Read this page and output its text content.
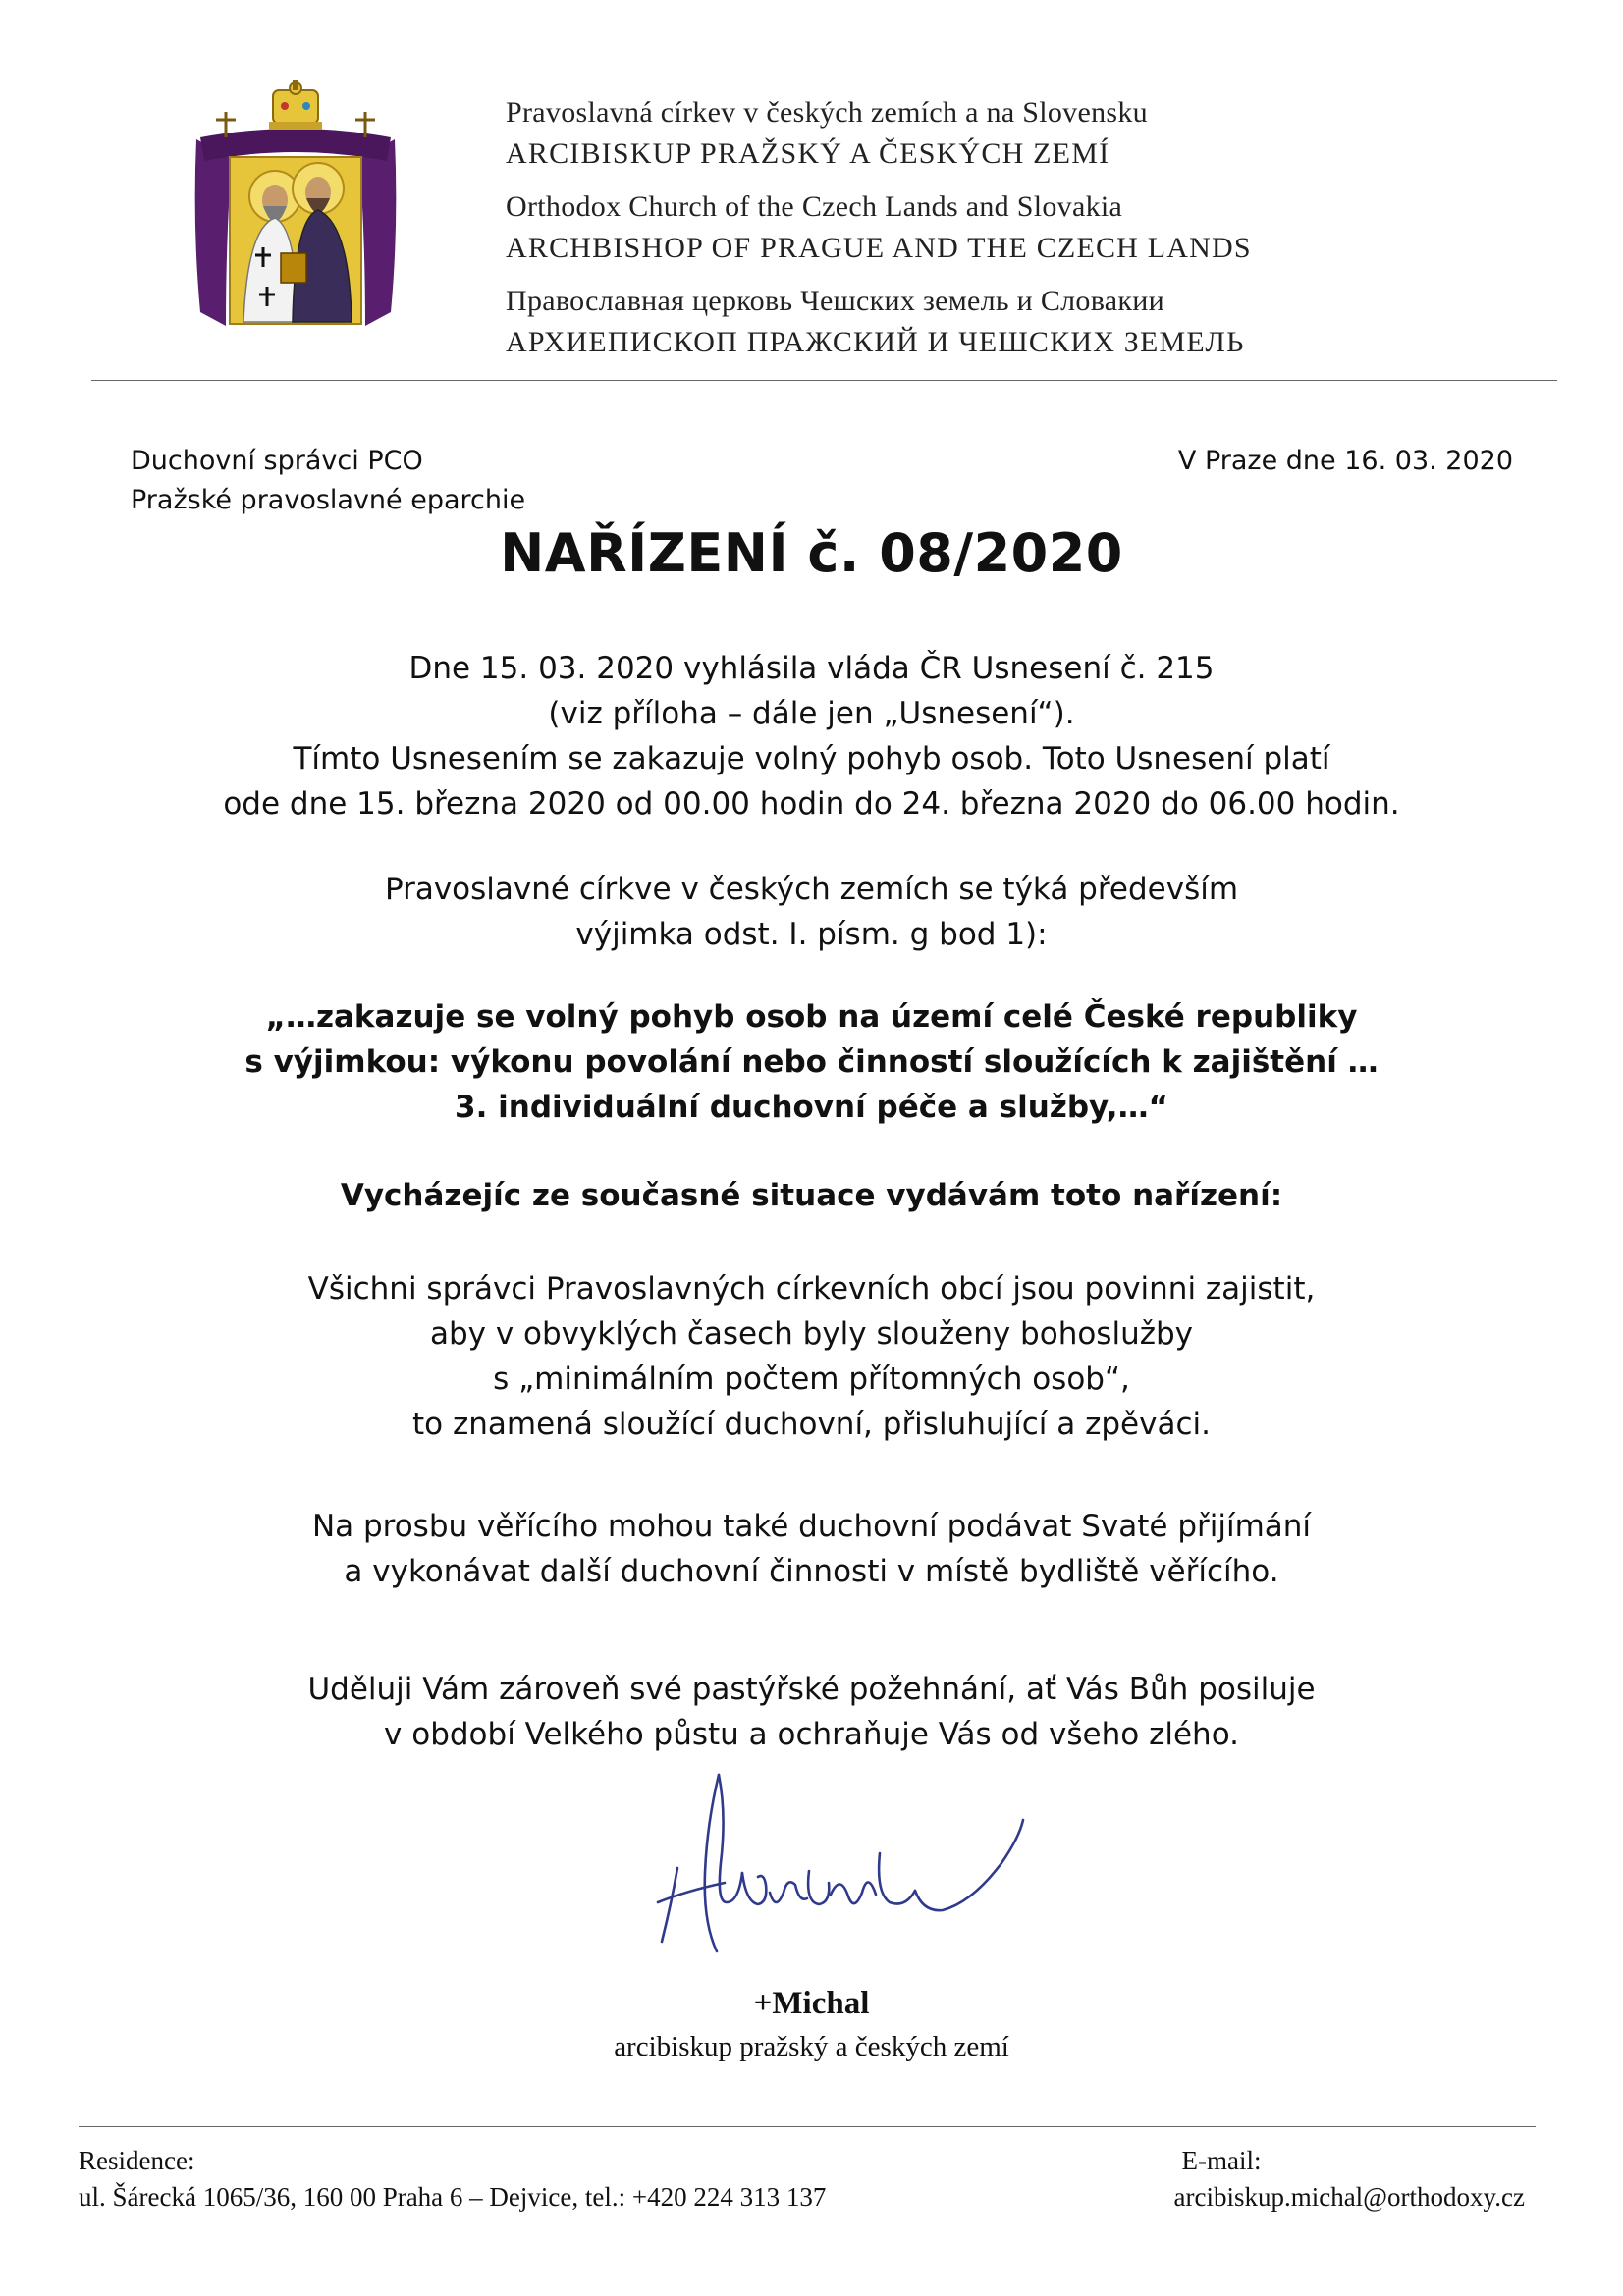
Pravoslavná církev v českých zemích a na Slovensku
ARCIBISKUP PRAŽSKÝ A ČESKÝCH ZEMÍ
Orthodox Church of the Czech Lands and Slovakia
ARCHBISHOP OF PRAGUE AND THE CZECH LANDS
Православная церковь Чешских земель и Словакии
АРХИЕПИСКОП ПРАЖСКИЙ И ЧЕШСКИХ ЗЕМЕЛЬ
Duchovní správci PCO
Pražské pravoslavné eparchie
V Praze dne 16. 03. 2020
NAŘÍZENÍ č. 08/2020
Dne 15. 03. 2020 vyhlásila vláda ČR Usnesení č. 215
(viz příloha – dále jen „Usnesení“).
Tímto Usnesením se zakazuje volný pohyb osob. Toto Usnesení platí
ode dne 15. března 2020 od 00.00 hodin do 24. března 2020 do 06.00 hodin.
Pravoslavné církve v českých zemích se týká především
výjimka odst. I. písm. g bod 1):
„…zakazuje se volný pohyb osob na území celé České republiky
s výjimkou: výkonu povolání nebo činností sloužících k zajištění …
3. individuální duchovní péče a služby,…“
Vycházejíc ze současné situace vydávám toto nařízení:
Všichni správci Pravoslavných církevních obcí jsou povinni zajistit,
aby v obvyklých časech byly slouženy bohoslužby
s „minimálním počtem přítomných osob“,
to znamená sloužící duchovní, přisluhující a zpěváci.
Na prosbu věřícího mohou také duchovní podávat Svaté přijímání
a vykonávat další duchovní činnosti v místě bydliště věřícího.
Uděluji Vám zároveň své pastýřské požehnání, ať Vás Bůh posiluje
v období Velkého půstu a ochraňuje Vás od všeho zlého.
+Michal
arcibiskup pražský a českých zemí
Residence:
ul. Šárecká 1065/36, 160 00 Praha 6 – Dejvice, tel.: +420 224 313 137
E-mail:
arcibiskup.michal@orthodoxy.cz
